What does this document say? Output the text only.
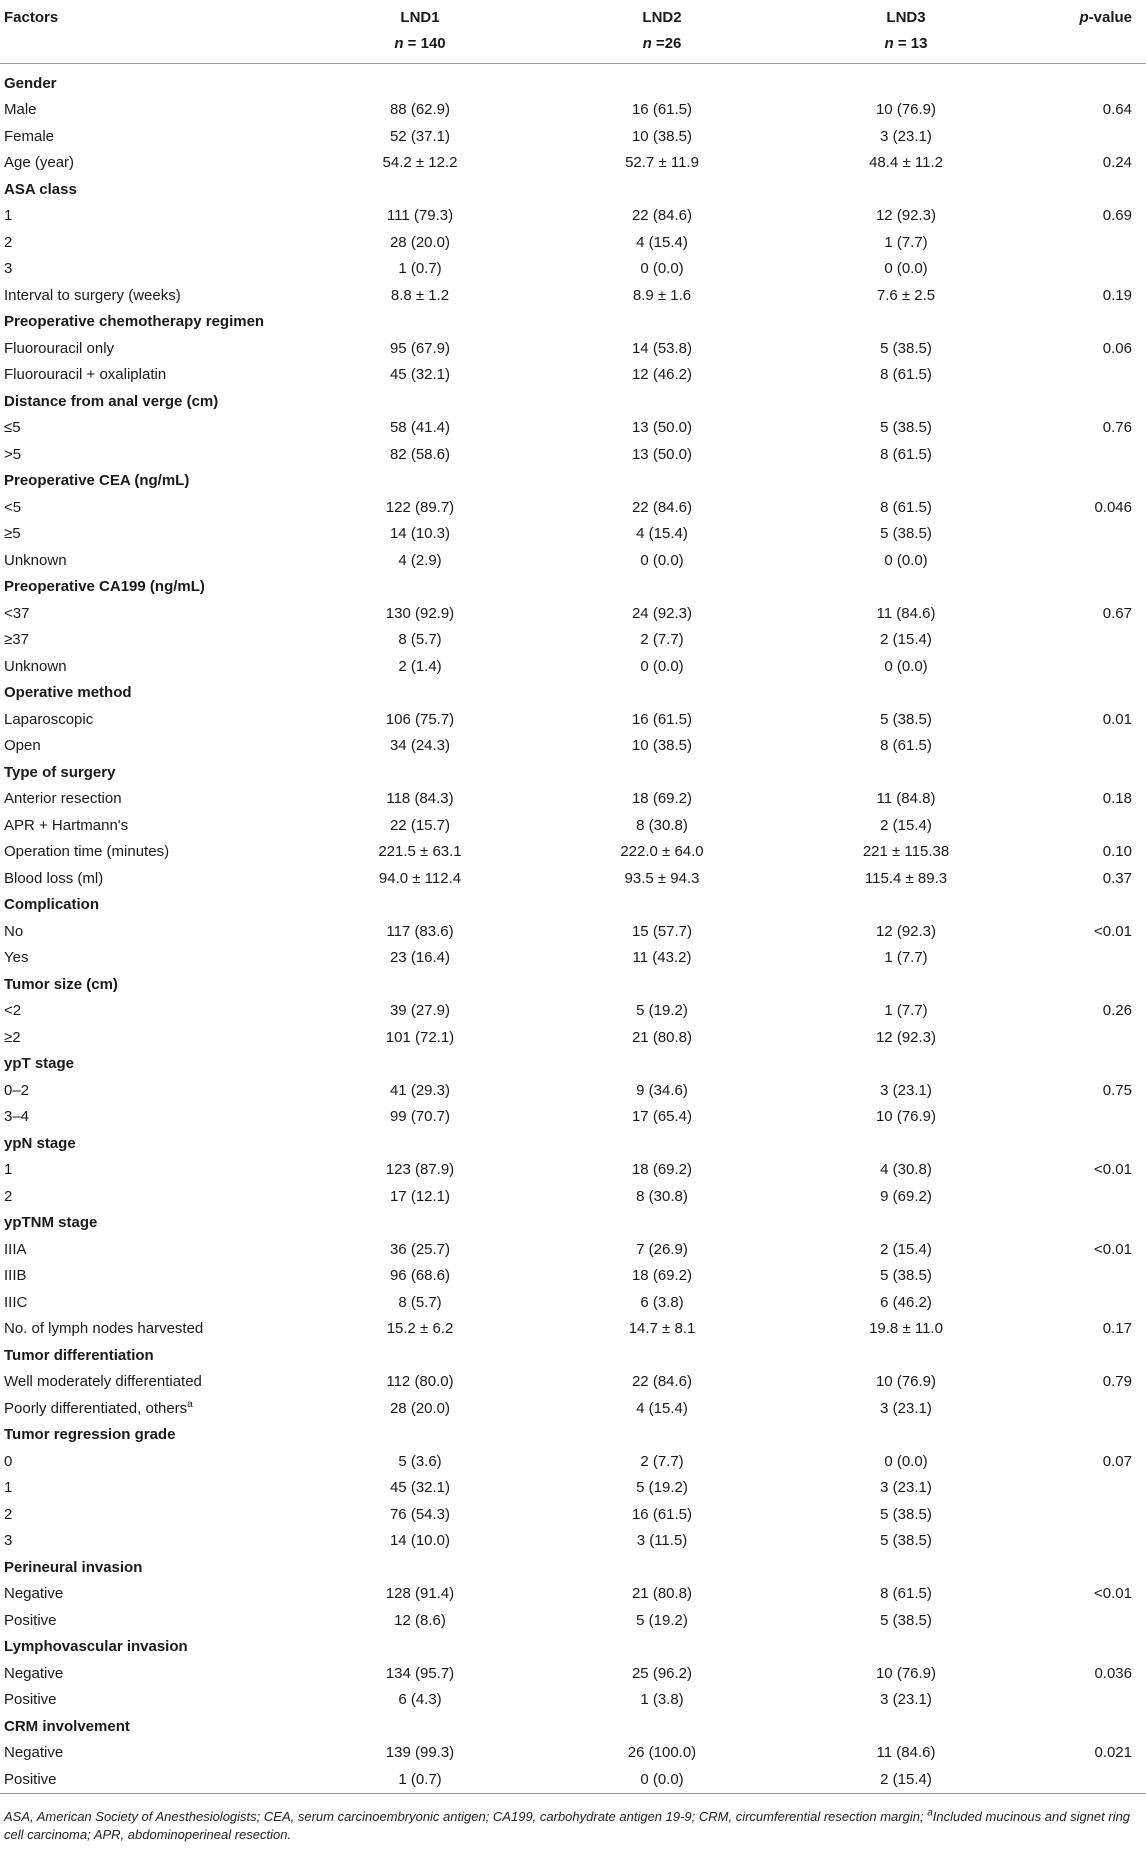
Factors	LND1	LND2	LND3	p-value
	n = 140	n =26	n = 13	

Gender				
Male	88 (62.9)	16 (61.5)	10 (76.9)	0.64
Female	52 (37.1)	10 (38.5)	3 (23.1)	
Age (year)	54.2 ± 12.2	52.7 ± 11.9	48.4 ± 11.2	0.24
ASA class				
1	111 (79.3)	22 (84.6)	12 (92.3)	0.69
2	28 (20.0)	4 (15.4)	1 (7.7)	
3	1 (0.7)	0 (0.0)	0 (0.0)	
Interval to surgery (weeks)	8.8 ± 1.2	8.9 ± 1.6	7.6 ± 2.5	0.19
Preoperative chemotherapy regimen				
Fluorouracil only	95 (67.9)	14 (53.8)	5 (38.5)	0.06
Fluorouracil + oxaliplatin	45 (32.1)	12 (46.2)	8 (61.5)	
Distance from anal verge (cm)				
≤5	58 (41.4)	13 (50.0)	5 (38.5)	0.76
>5	82 (58.6)	13 (50.0)	8 (61.5)	
Preoperative CEA (ng/mL)				
<5	122 (89.7)	22 (84.6)	8 (61.5)	0.046
≥5	14 (10.3)	4 (15.4)	5 (38.5)	
Unknown	4 (2.9)	0 (0.0)	0 (0.0)	
Preoperative CA199 (ng/mL)				
<37	130 (92.9)	24 (92.3)	11 (84.6)	0.67
≥37	8 (5.7)	2 (7.7)	2 (15.4)	
Unknown	2 (1.4)	0 (0.0)	0 (0.0)	
Operative method				
Laparoscopic	106 (75.7)	16 (61.5)	5 (38.5)	0.01
Open	34 (24.3)	10 (38.5)	8 (61.5)	
Type of surgery				
Anterior resection	118 (84.3)	18 (69.2)	11 (84.8)	0.18
APR + Hartmann's	22 (15.7)	8 (30.8)	2 (15.4)	
Operation time (minutes)	221.5 ± 63.1	222.0 ± 64.0	221 ± 115.38	0.10
Blood loss (ml)	94.0 ± 112.4	93.5 ± 94.3	115.4 ± 89.3	0.37
Complication				
No	117 (83.6)	15 (57.7)	12 (92.3)	<0.01
Yes	23 (16.4)	11 (43.2)	1 (7.7)	
Tumor size (cm)				
<2	39 (27.9)	5 (19.2)	1 (7.7)	0.26
≥2	101 (72.1)	21 (80.8)	12 (92.3)	
ypT stage				
0–2	41 (29.3)	9 (34.6)	3 (23.1)	0.75
3–4	99 (70.7)	17 (65.4)	10 (76.9)	
ypN stage				
1	123 (87.9)	18 (69.2)	4 (30.8)	<0.01
2	17 (12.1)	8 (30.8)	9 (69.2)	
ypTNM stage				
IIIA	36 (25.7)	7 (26.9)	2 (15.4)	<0.01
IIIB	96 (68.6)	18 (69.2)	5 (38.5)	
IIIC	8 (5.7)	6 (3.8)	6 (46.2)	
No. of lymph nodes harvested	15.2 ± 6.2	14.7 ± 8.1	19.8 ± 11.0	0.17
Tumor differentiation				
Well moderately differentiated	112 (80.0)	22 (84.6)	10 (76.9)	0.79
Poorly differentiated, others$^a$	28 (20.0)	4 (15.4)	3 (23.1)	
Tumor regression grade				
0	5 (3.6)	2 (7.7)	0 (0.0)	0.07
1	45 (32.1)	5 (19.2)	3 (23.1)	
2	76 (54.3)	16 (61.5)	5 (38.5)	
3	14 (10.0)	3 (11.5)	5 (38.5)	
Perineural invasion				
Negative	128 (91.4)	21 (80.8)	8 (61.5)	<0.01
Positive	12 (8.6)	5 (19.2)	5 (38.5)	
Lymphovascular invasion				
Negative	134 (95.7)	25 (96.2)	10 (76.9)	0.036
Positive	6 (4.3)	1 (3.8)	3 (23.1)	
CRM involvement				
Negative	139 (99.3)	26 (100.0)	11 (84.6)	0.021
Positive	1 (0.7)	0 (0.0)	2 (15.4)	
ASA, American Society of Anesthesiologists; CEA, serum carcinoembryonic antigen; CA199, carbohydrate antigen 19-9; CRM, circumferential resection margin; $^a$Included mucinous and signet ring cell carcinoma; APR, abdominoperineal resection.
